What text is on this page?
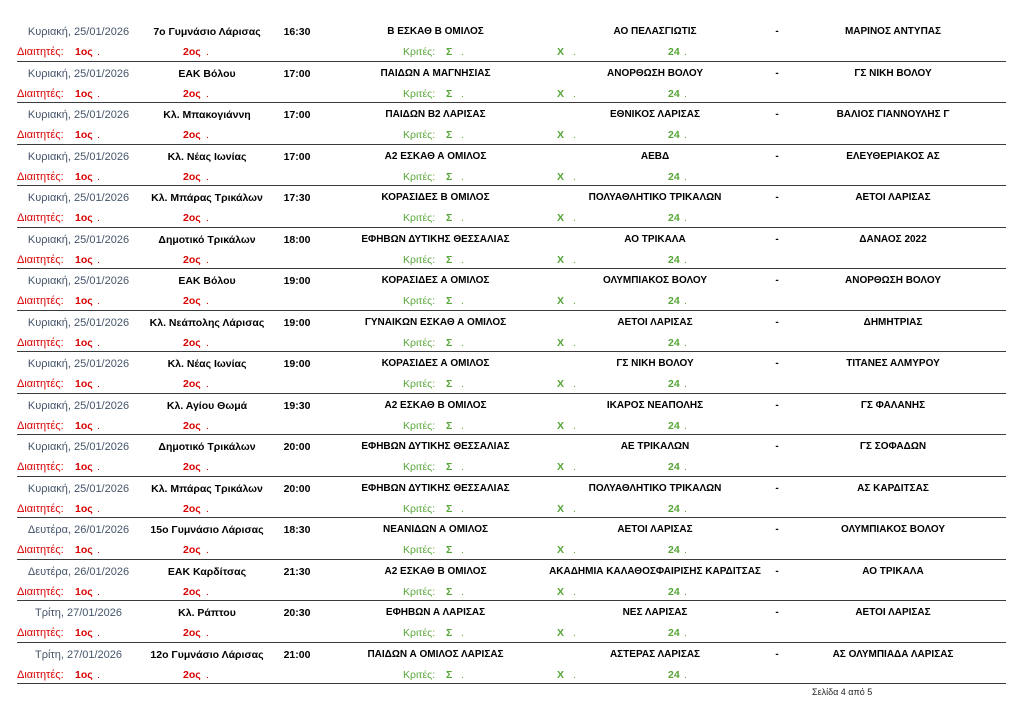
Κυριακή, 25/01/2026	7ο Γυμνάσιο Λάρισας	16:30	Β ΕΣΚΑΘ Β ΟΜΙΛΟΣ	ΑΟ ΠΕΛΑΣΓΙΩΤΙΣ	-	ΜΑΡΙΝΟΣ ΑΝΤΥΠΑΣ
Διαιτητές: 1ος .	2ος .	Κριτές: Σ .	Χ .	24 .
Κυριακή, 25/01/2026	ΕΑΚ Βόλου	17:00	ΠΑΙΔΩΝ Α ΜΑΓΝΗΣΙΑΣ	ΑΝΟΡΘΩΣΗ ΒΟΛΟΥ	-	ΓΣ ΝΙΚΗ ΒΟΛΟΥ
Διαιτητές: 1ος .	2ος .	Κριτές: Σ .	Χ .	24 .
Κυριακή, 25/01/2026	Κλ. Μπακογιάννη	17:00	ΠΑΙΔΩΝ Β2 ΛΑΡΙΣΑΣ	ΕΘΝΙΚΟΣ ΛΑΡΙΣΑΣ	-	ΒΑΛΙΟΣ ΓΙΑΝΝΟΥΛΗΣ Γ
Διαιτητές: 1ος .	2ος .	Κριτές: Σ .	Χ .	24 .
Κυριακή, 25/01/2026	Κλ. Νέας Ιωνίας	17:00	Α2 ΕΣΚΑΘ Α ΟΜΙΛΟΣ	ΑΕΒΔ	-	ΕΛΕΥΘΕΡΙΑΚΟΣ ΑΣ
Διαιτητές: 1ος .	2ος .	Κριτές: Σ .	Χ .	24 .
Κυριακή, 25/01/2026	Κλ. Μπάρας Τρικάλων	17:30	ΚΟΡΑΣΙΔΕΣ Β ΟΜΙΛΟΣ	ΠΟΛΥΑΘΛΗΤΙΚΟ ΤΡΙΚΑΛΩΝ	-	ΑΕΤΟΙ ΛΑΡΙΣΑΣ
Διαιτητές: 1ος .	2ος .	Κριτές: Σ .	Χ .	24 .
Κυριακή, 25/01/2026	Δημοτικό Τρικάλων	18:00	ΕΦΗΒΩΝ ΔΥΤΙΚΗΣ ΘΕΣΣΑΛΙΑΣ	ΑΟ ΤΡΙΚΑΛΑ	-	ΔΑΝΑΟΣ 2022
Διαιτητές: 1ος .	2ος .	Κριτές: Σ .	Χ .	24 .
Κυριακή, 25/01/2026	ΕΑΚ Βόλου	19:00	ΚΟΡΑΣΙΔΕΣ Α ΟΜΙΛΟΣ	ΟΛΥΜΠΙΑΚΟΣ ΒΟΛΟΥ	-	ΑΝΟΡΘΩΣΗ ΒΟΛΟΥ
Διαιτητές: 1ος .	2ος .	Κριτές: Σ .	Χ .	24 .
Κυριακή, 25/01/2026	Κλ. Νεάπολης Λάρισας	19:00	ΓΥΝΑΙΚΩΝ ΕΣΚΑΘ Α ΟΜΙΛΟΣ	ΑΕΤΟΙ ΛΑΡΙΣΑΣ	-	ΔΗΜΗΤΡΙΑΣ
Διαιτητές: 1ος .	2ος .	Κριτές: Σ .	Χ .	24 .
Κυριακή, 25/01/2026	Κλ. Νέας Ιωνίας	19:00	ΚΟΡΑΣΙΔΕΣ Α ΟΜΙΛΟΣ	ΓΣ ΝΙΚΗ ΒΟΛΟΥ	-	ΤΙΤΑΝΕΣ ΑΛΜΥΡΟΥ
Διαιτητές: 1ος .	2ος .	Κριτές: Σ .	Χ .	24 .
Κυριακή, 25/01/2026	Κλ. Αγίου Θωμά	19:30	Α2 ΕΣΚΑΘ Β ΟΜΙΛΟΣ	ΙΚΑΡΟΣ ΝΕΑΠΟΛΗΣ	-	ΓΣ ΦΑΛΑΝΗΣ
Διαιτητές: 1ος .	2ος .	Κριτές: Σ .	Χ .	24 .
Κυριακή, 25/01/2026	Δημοτικό Τρικάλων	20:00	ΕΦΗΒΩΝ ΔΥΤΙΚΗΣ ΘΕΣΣΑΛΙΑΣ	ΑΕ ΤΡΙΚΑΛΩΝ	-	ΓΣ ΣΟΦΑΔΩΝ
Διαιτητές: 1ος .	2ος .	Κριτές: Σ .	Χ .	24 .
Κυριακή, 25/01/2026	Κλ. Μπάρας Τρικάλων	20:00	ΕΦΗΒΩΝ ΔΥΤΙΚΗΣ ΘΕΣΣΑΛΙΑΣ	ΠΟΛΥΑΘΛΗΤΙΚΟ ΤΡΙΚΑΛΩΝ	-	ΑΣ ΚΑΡΔΙΤΣΑΣ
Διαιτητές: 1ος .	2ος .	Κριτές: Σ .	Χ .	24 .
Δευτέρα, 26/01/2026	15ο Γυμνάσιο Λάρισας	18:30	ΝΕΑΝΙΔΩΝ Α ΟΜΙΛΟΣ	ΑΕΤΟΙ ΛΑΡΙΣΑΣ	-	ΟΛΥΜΠΙΑΚΟΣ ΒΟΛΟΥ
Διαιτητές: 1ος .	2ος .	Κριτές: Σ .	Χ .	24 .
Δευτέρα, 26/01/2026	ΕΑΚ Καρδίτσας	21:30	Α2 ΕΣΚΑΘ Β ΟΜΙΛΟΣ	ΑΚΑΔΗΜΙΑ ΚΑΛΑΘΟΣΦΑΙΡΙΣΗΣ ΚΑΡΔΙΤΣΑΣ	-	ΑΟ ΤΡΙΚΑΛΑ
Διαιτητές: 1ος .	2ος .	Κριτές: Σ .	Χ .	24 .
Τρίτη, 27/01/2026	Κλ. Ράπτου	20:30	ΕΦΗΒΩΝ Α ΛΑΡΙΣΑΣ	ΝΕΣ ΛΑΡΙΣΑΣ	-	ΑΕΤΟΙ ΛΑΡΙΣΑΣ
Διαιτητές: 1ος .	2ος .	Κριτές: Σ .	Χ .	24 .
Τρίτη, 27/01/2026	12ο Γυμνάσιο Λάρισας	21:00	ΠΑΙΔΩΝ Α ΟΜΙΛΟΣ ΛΑΡΙΣΑΣ	ΑΣΤΕΡΑΣ ΛΑΡΙΣΑΣ	-	ΑΣ ΟΛΥΜΠΙΑΔΑ ΛΑΡΙΣΑΣ
Διαιτητές: 1ος .	2ος .	Κριτές: Σ .	Χ .	24 .
Σελίδα 4 από 5
